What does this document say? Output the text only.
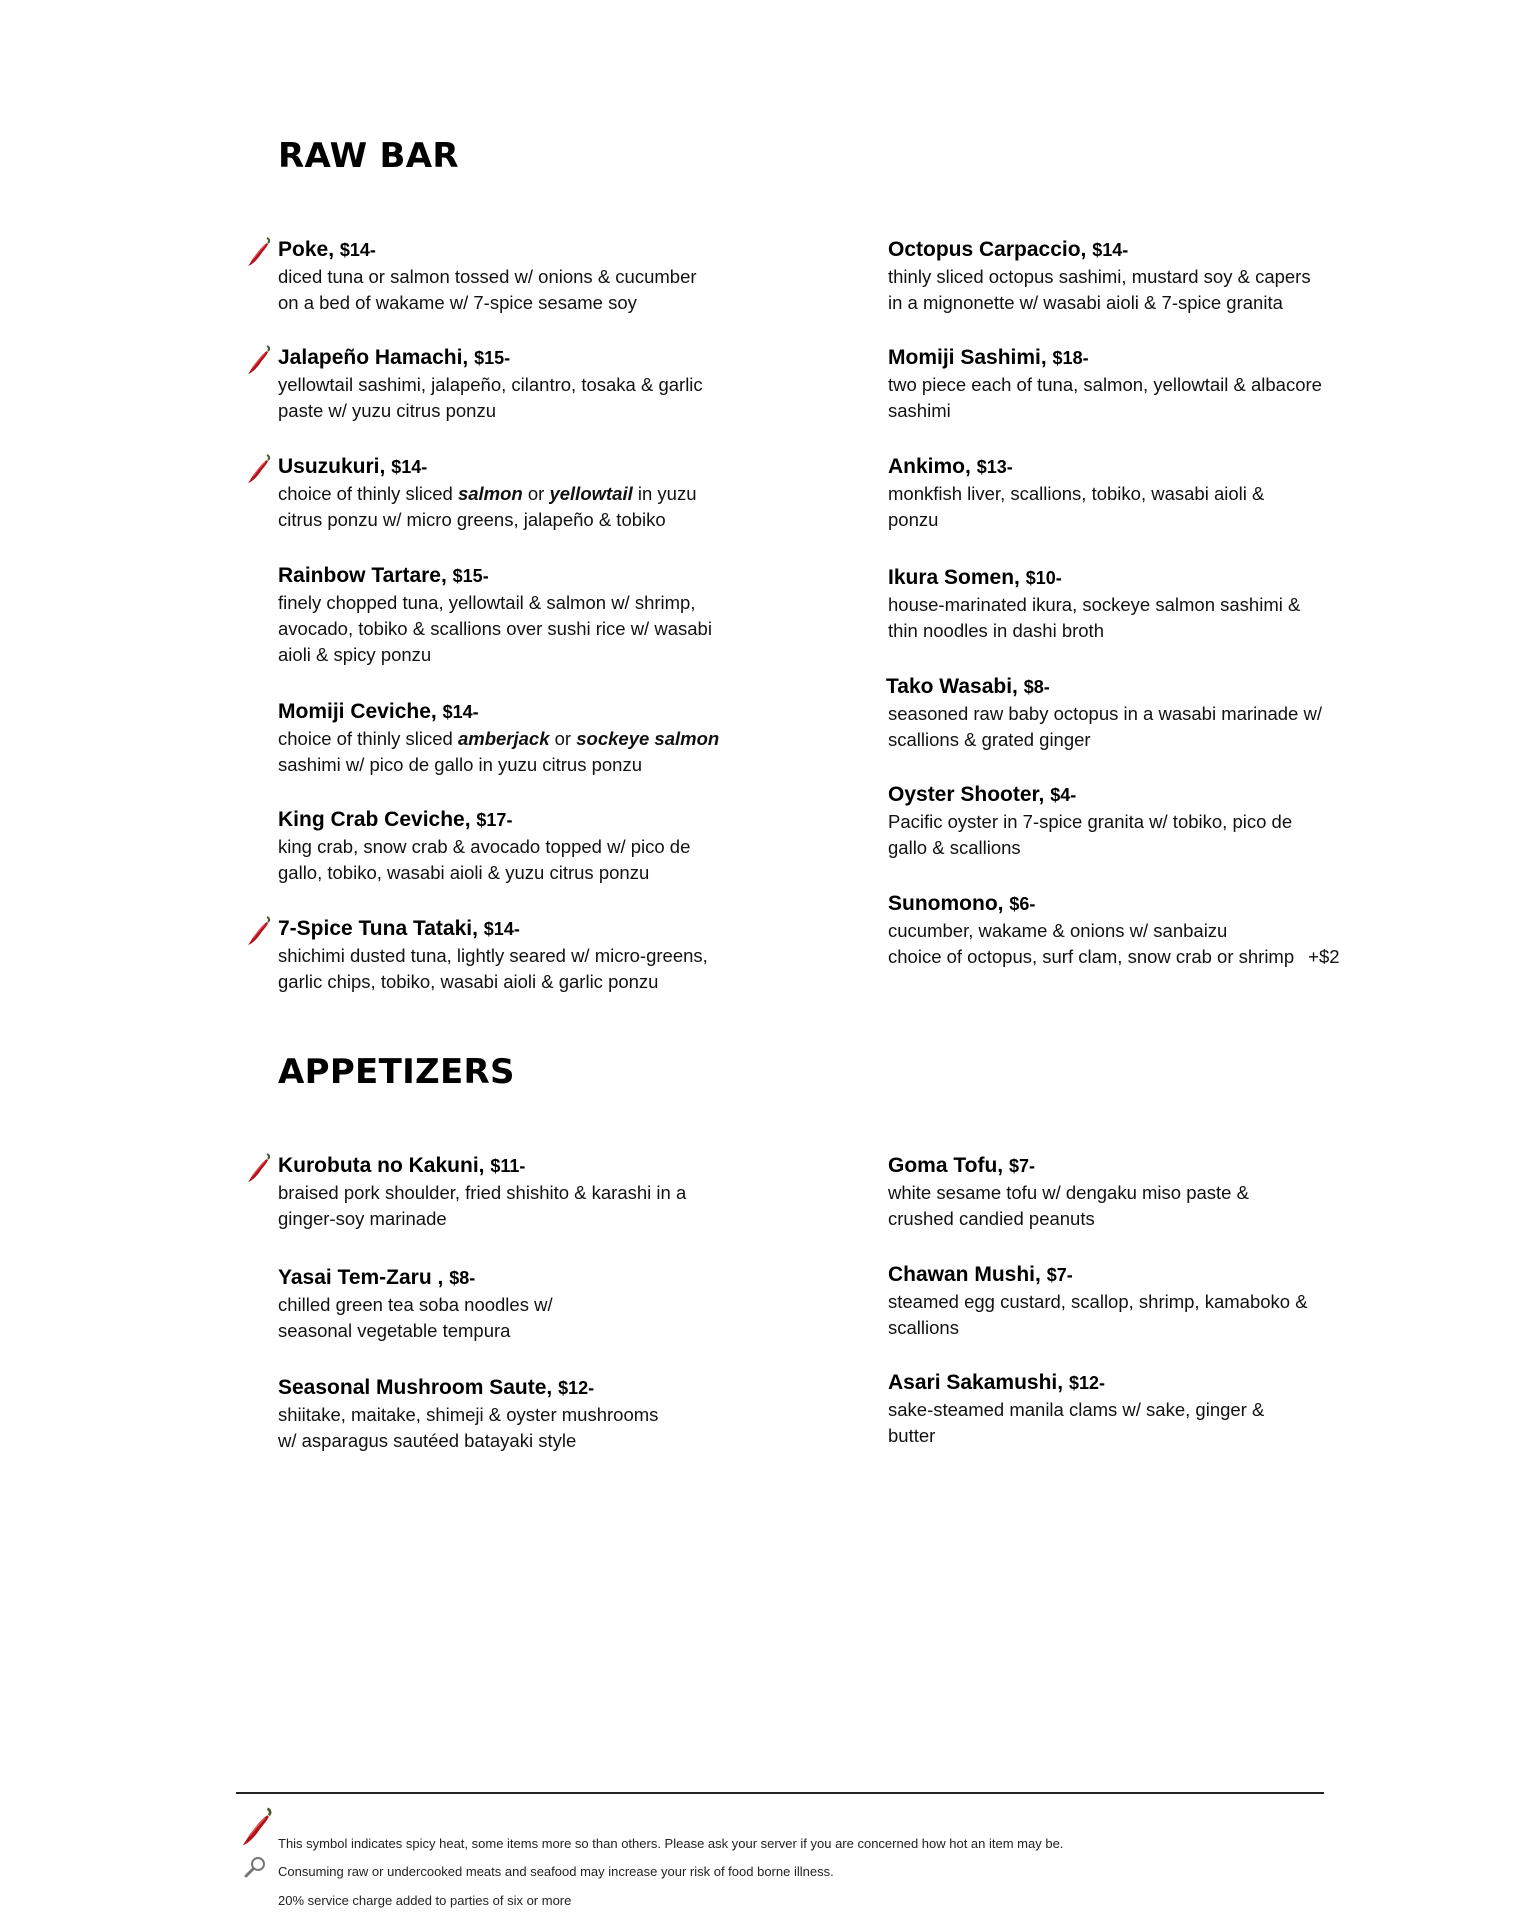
RAW BAR
Poke, $14-
diced tuna or salmon tossed w/ onions & cucumber
on a bed of wakame w/ 7-spice sesame soy
Jalapeño Hamachi, $15-
yellowtail sashimi, jalapeño, cilantro, tosaka & garlic
paste w/ yuzu citrus ponzu
Usuzukuri, $14-
choice of thinly sliced salmon or yellowtail in yuzu
citrus ponzu w/ micro greens, jalapeño & tobiko
Rainbow Tartare, $15-
finely chopped tuna, yellowtail & salmon w/ shrimp,
avocado, tobiko & scallions over sushi rice w/ wasabi
aioli & spicy ponzu
Momiji Ceviche, $14-
choice of thinly sliced amberjack or sockeye salmon
sashimi w/ pico de gallo in yuzu citrus ponzu
King Crab Ceviche, $17-
king crab, snow crab & avocado topped w/ pico de
gallo, tobiko, wasabi aioli & yuzu citrus ponzu
7-Spice Tuna Tataki, $14-
shichimi dusted tuna, lightly seared w/ micro-greens,
garlic chips, tobiko, wasabi aioli & garlic ponzu
Octopus Carpaccio, $14-
thinly sliced octopus sashimi, mustard soy & capers
in a mignonette w/ wasabi aioli & 7-spice granita
Momiji Sashimi, $18-
two piece each of tuna, salmon, yellowtail & albacore
sashimi
Ankimo, $13-
monkfish liver, scallions, tobiko, wasabi aioli &
ponzu
Ikura Somen, $10-
house-marinated ikura, sockeye salmon sashimi &
thin noodles in dashi broth
Tako Wasabi, $8-
seasoned raw baby octopus in a wasabi marinade w/
scallions & grated ginger
Oyster Shooter, $4-
Pacific oyster in 7-spice granita w/ tobiko, pico de
gallo & scallions
Sunomono, $6-
cucumber, wakame & onions w/ sanbaizu
choice of octopus, surf clam, snow crab or shrimp +$2
APPETIZERS
Kurobuta no Kakuni, $11-
braised pork shoulder, fried shishito & karashi in a
ginger-soy marinade
Yasai Tem-Zaru , $8-
chilled green tea soba noodles w/
seasonal vegetable tempura
Seasonal Mushroom Saute, $12-
shiitake, maitake, shimeji & oyster mushrooms
w/ asparagus sautéed batayaki style
Goma Tofu, $7-
white sesame tofu w/ dengaku miso paste &
crushed candied peanuts
Chawan Mushi, $7-
steamed egg custard, scallop, shrimp, kamaboko &
scallions
Asari Sakamushi, $12-
sake-steamed manila clams w/ sake, ginger &
butter
This symbol indicates spicy heat, some items more so than others. Please ask your server if you are concerned how hot an item may be.
Consuming raw or undercooked meats and seafood may increase your risk of food borne illness.
20% service charge added to parties of six or more
